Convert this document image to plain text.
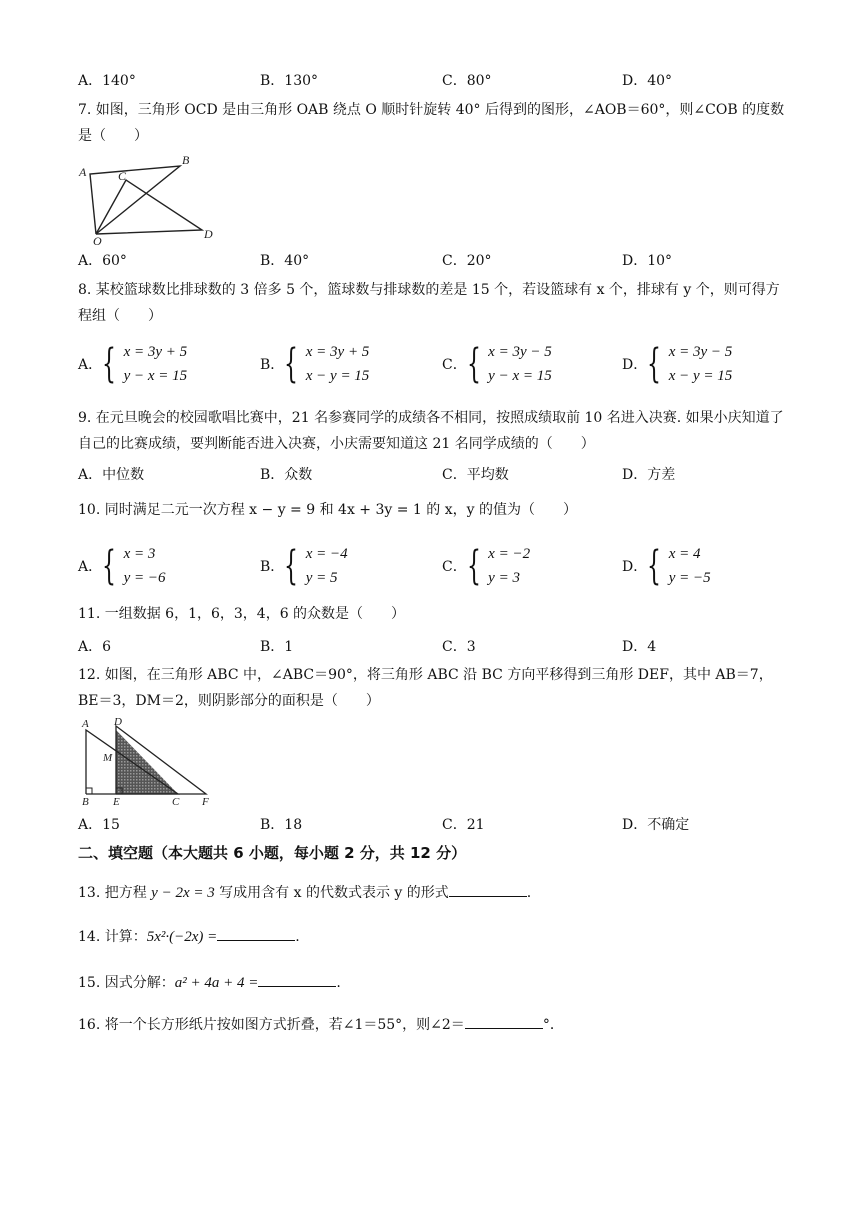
A．140°	B．130°	C．80°	D．40°
7. 如图，三角形 OCD 是由三角形 OAB 绕点 O 顺时针旋转 40° 后得到的图形，∠AOB＝60°，则∠COB 的度数是（　　）
A
B
C
O	D
A．60°	B．40°	C．20°	D．10°
8. 某校篮球数比排球数的 3 倍多 5 个，篮球数与排球数的差是 15 个，若设篮球有 x 个，排球有 y 个，则可得方程组（　　）
A． { x = 3y + 5
y − x = 15
B． { x = 3y + 5
x − y = 15
C． { x = 3y − 5
y − x = 15
D． { x = 3y − 5
x − y = 15
9. 在元旦晚会的校园歌唱比赛中，21 名参赛同学的成绩各不相同，按照成绩取前 10 名进入决赛. 如果小庆知道了自己的比赛成绩，要判断能否进入决赛，小庆需要知道这 21 名同学成绩的（　　）
A．中位数	B．众数	C．平均数	D．方差
10. 同时满足二元一次方程 x − y = 9 和 4x + 3y = 1 的 x，y 的值为（　　）
A． { x = 3
y = −6
B． { x = −4
y = 5
C． { x = −2
y = 3
D． { x = 4
y = −5
11. 一组数据 6，1，6，3，4，6 的众数是（　　）
A．6	B．1	C．3	D．4
12. 如图，在三角形 ABC 中，∠ABC＝90°，将三角形 ABC 沿 BC 方向平移得到三角形 DEF，其中 AB＝7，BE＝3，DM＝2，则阴影部分的面积是（　　）
A D
M
B E	C F
A．15	B．18	C．21	D．不确定
二、填空题（本大题共 6 小题，每小题 2 分，共 12 分）
13. 把方程 y − 2x = 3 写成用含有 x 的代数式表示 y 的形式	.
14. 计算：5x²·(−2x) =	.
15. 因式分解：a² + 4a + 4 =	.
16. 将一个长方形纸片按如图方式折叠，若∠1＝55°，则∠2＝	°．
